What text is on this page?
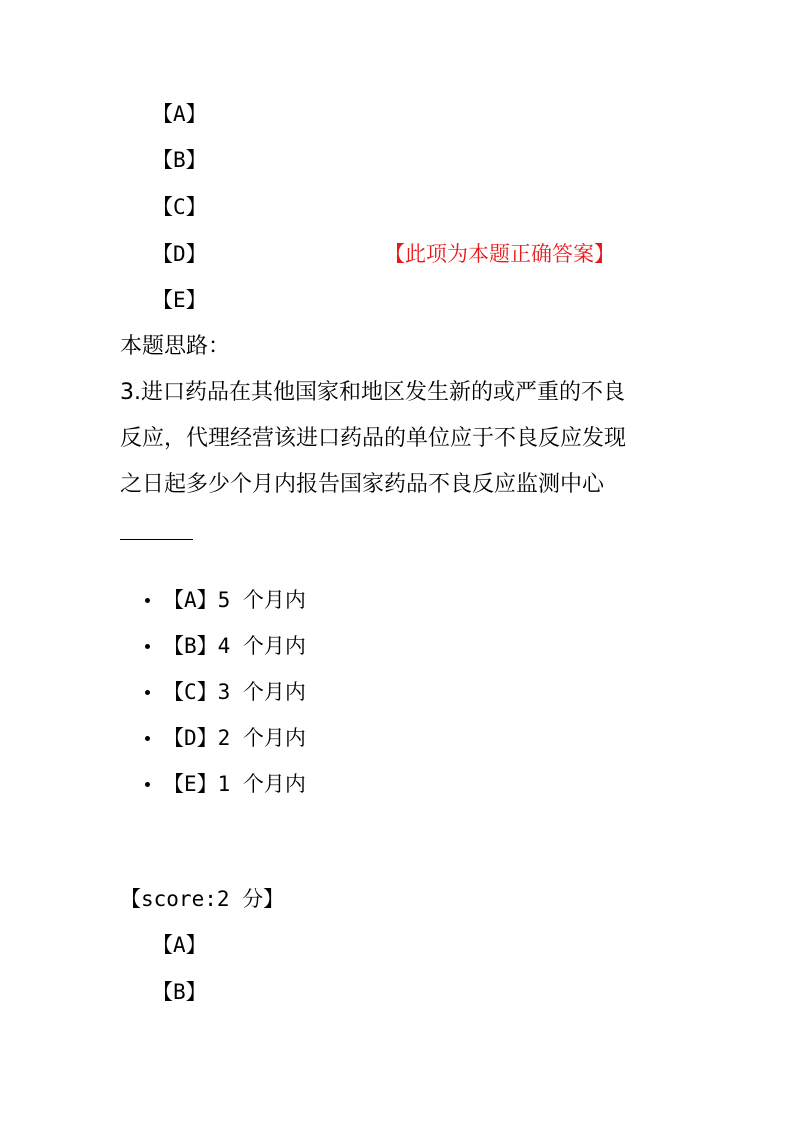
【A】
【B】
【C】
【D】	【此项为本题正确答案】
【E】
本题思路：
3.进口药品在其他国家和地区发生新的或严重的不良
反应，代理经营该进口药品的单位应于不良反应发现
之日起多少个月内报告国家药品不良反应监测中心
【A】5 个月内
【B】4 个月内
【C】3 个月内
【D】2 个月内
【E】1 个月内
【score:2 分】
【A】
【B】
